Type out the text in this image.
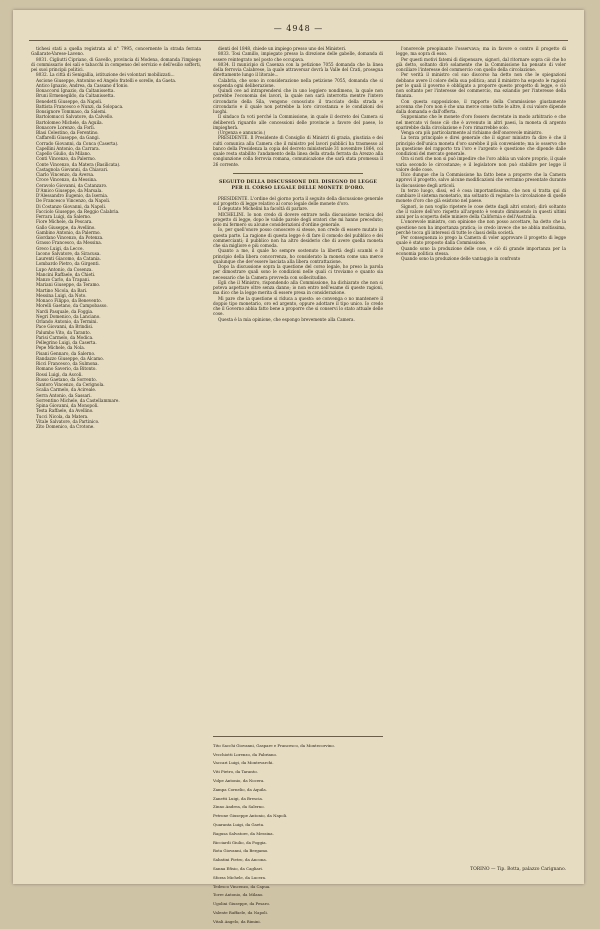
— 4948 —

tichesi stati a quella registrata al n° 7995, concernente la strada ferrata Gallarate-Varese-Laveno.

8031. Cigliutti Cipriano, di Gavello, provincia di Modena, domanda l'impiego di commissario dei sali e tabacchi in compenso del servizio e dell'esilio sofferti, pei suoi principii politici.

8032. La città di Senigallia, istituzione dei volontari mobilizzati...

Ascione Giuseppe, Antonino ed Angelo fratelli e sorelle, da Gaeta.

Antico Ignazio, Andrea, da Cassano d'Ionio.

Bonaccorsi Ignazio, da Caltanissetta.

Bruni Ermenegildo, da Caltanissetta.

Benedetti Giuseppe, da Napoli.

Battista Francesco e Nunzi, da Solopaca.

Bonsignore Tommaso, da Salemi.

Bartolomucci Salvatore, da Calvello.

Bartolomeo Michele, da Aquila.

Bonacore Lorenzo, da Forlì.

Blasi Celestino, da Ferentino.

Caffarelli Giuseppe, da Gangi.

Corrado Giovanni, da Conca (Caserta).

Capellini Antonio, da Carrara.

Capello Giulio, da Milano.

Conti Vincenzo, da Palermo.

Conte Vincenzo, da Matera (Basilicata).

Castagnola Giovanni, da Chiavari.

Ciarlo Vincenzo, da Aversa.

Croce Vincenzo, da Messina.

Ceravolo Giovanni, da Catanzaro.

D'Amico Giuseppe, da Marsala.

D'Alessandro Eugenio, da Isernia.

De Francesco Vincenzo, da Napoli.

Di Costanzo Giovanni, da Napoli.

Facciolo Giuseppe, da Reggio Calabria.

Ferrara Luigi, da Salerno.

Fiore Michele, da Pescara.

Gallo Giuseppe, da Avellino.

Gambino Antonio, da Palermo.

Giordano Vincenzo, da Potenza.

Grasso Francesco, da Messina.

Greco Luigi, da Lecce.

Iacono Salvatore, da Siracusa.

Laurenti Giacomo, da Catania.

Lombardo Pietro, da Girgenti.

Lupo Antonio, da Cosenza.

Mancini Raffaele, da Chieti.

Manzo Carlo, da Trapani.

Mariani Giuseppe, da Teramo.

Martino Nicola, da Bari.

Messina Luigi, da Noto.

Monaco Filippo, da Benevento.

Morelli Gaetano, da Campobasso.

Nardi Pasquale, da Foggia.

Negri Domenico, da Lanciano.

Orlando Antonio, da Termini.

Pace Giovanni, da Brindisi.

Palumbo Vito, da Taranto.

Parisi Carmelo, da Modica.

Pellegrino Luigi, da Caserta.

Pepe Michele, da Nola.

Pisani Gennaro, da Salerno.

Randazzo Giuseppe, da Alcamo.

Ricci Francesco, da Sulmona.

Romano Saverio, da Bitonto.

Rossi Luigi, da Ascoli.

Russo Gaetano, da Sorrento.

Santoro Vincenzo, da Cerignola.

Scalia Carmelo, da Acireale.

Serra Antonio, da Sassari.

Sorrentino Michele, da Castellammare.

Spina Giovanni, da Monopoli.

Testa Raffaele, da Avellino.

Tucci Nicola, da Matera.

Vitale Salvatore, da Partinico.

Zito Domenico, da Crotone.

dienti del 1848, chiede un impiego presso uno dei Ministeri.

8033. Tosi Camillo, impiegato presso la direzione delle gabelle, domanda di essere reintegrato nel posto che occupava.

8034. Il municipio di Casenza con la petizione 7055 domanda che la linea della ferrovia Calabrese, la quale attraversar dovrà la Valle del Crati, prosegua direttamente lungo il litorale...

Calabria, che sono in considerazione nella petizione 7055, domanda che si sospenda ogni deliberazione.

Quindi ove ad intraprendersi che in uno leggiero nondimeno, la quale non potrebbe l'economia dei lavori, la quale non sarà interrotta mentre l'intero circondario della Sila, vengono conosciuto il tracciato della strada e circondario e il quale non potrebbe la loro circostanza e le condizioni dei luoghi.

Il sindaco fa voti perché la Commissione, in quale il decreto dei Camera si delibererà riguardo alle concessioni delle provincie a favore del paese, lo impiegherà.

(Urgenza e annuncio.)

PRESIDENTE. Il Presidente di Consiglio di Ministri di grazia, giustizia e dei culti comunica alla Camera che il ministro pel lavori pubblici ha trasmesso al banco della Presidenza la copia del decreto ministeriale 31 novembre 1864, col quale resta stabilito l'andamento della linea della strada ferrata da Arezzo alla congiunzione colla ferrovia romana, comunicazione che sarà stata promessa il 26 corrente.

SEGUITO DELLA DISCUSSIONE DEL DISEGNO DI LEGGE PER IL CORSO LEGALE DELLE MONETE D'ORO.

PRESIDENTE. L'ordine del giorno porta il seguito della discussione generale sul progetto di legge relativo al corso legale delle monete d'oro.

Il deputato Michelini ha facoltà di parlare.

MICHELINI. Io non credo di dovere entrare nella discussione tecnica del progetto di legge, dopo le valide parole degli oratori che mi hanno preceduto; solo mi fermerò su alcune considerazioni d'ordine generale.

Io, per quell'onore posso conoscere si stesse, non credo di essere mutato in questa parte. La ragione di questa legge è di fare il comodo del pubblico e dei commercianti; il pubblico non ha altro desiderio che di avere quella moneta che sia migliore e più comoda.

Quanto a me, il quale ho sempre sostenuto la libertà degli scambi e il principio della libera concorrenza, ho considerato la moneta come una merce qualunque che dev'essere lasciata alla libera contrattazione.

Dopo la discussione sopra la questione del corso legale, ho preso la parola per dimostrare quali sono le condizioni nelle quali ci troviamo e quanto sia necessario che la Camera provveda con sollecitudine.

Egli che il Ministro, rispondendo alla Commissione, ha dichiarato che non si poteva aspettare oltre senza danno; io non entro nell'esame di queste ragioni, ma dico che la legge merita di essere presa in considerazione.

Mi pare che la questione si riduca a questo: se convenga o no mantenere il doppio tipo monetario, oro ed argento, oppure adottare il tipo unico. Io credo che il Governo abbia fatto bene a proporre che si conservi lo stato attuale delle cose.

Questa è la mia opinione, che espongo brevemente alla Camera.

Tito Sacchi Giovanni, Gaspare e Francesco, da Montecorvino.

Vecchiotti Lorenzo, da Fabriano.

Vaccari Luigi, da Montevarchi.

Viti Pietro, da Taranto.

Volpe Antonio, da Nocera.

Zampa Cornelio, da Aquila.

Zanetti Luigi, da Brescia.

Zinno Andrea, da Salerno.

Petrone Giuseppe Antonio, da Napoli.

Quaranta Luigi, da Gaeta.

Ragusa Salvatore, da Messina.

Ricciardi Giulio, da Foggia.

Rota Giovanni, da Bergamo.

Sabatini Pietro, da Ancona.

Sanna Efisio, da Cagliari.

Sforza Michele, da Lucera.

Tedesco Vincenzo, da Capua.

Torre Antonio, da Milano.

Ugolini Giuseppe, da Pesaro.

Valente Raffaele, da Napoli.

Vitali Angelo, da Rimini.

l'onorevole preopinante l'osservava; ma in favore o contro il progetto di legge, ma sopra di esso.

Per questi motivi fatemi di dispensare, signori, dal ritornare sopra ciò che ho già detto, soltanto dirò solamente che la Commissione ha pensato di voler conciliare l'interesse del commercio con quello della circolazione.

Per verità il ministro col suo discorso ha detto non che le spiegazioni debbano avere il colore della sua politica; anzi il ministro ha esposto le ragioni per le quali il governo è obbligato a proporre questo progetto di legge, e ciò non soltanto per l'interesse del commercio, ma eziandio per l'interesse della finanza.

Con questa supposizione, il rapporto della Commissione giustamente accenna che l'oro non è che una merce come tutte le altre, il cui valore dipende dalla domanda e dall'offerta.

Supponiamo che le monete d'oro fossero decretate in modo arbitrario e che nel mercato vi fosse ciò che è avvenuto in altri paesi, la moneta di argento sparirebbe dalla circolazione e l'oro rimarrebbe solo.

Venga ora più particolarmente al richiamo dell'onorevole ministro.

La terza principale e direi generale che il signor ministro fa dire è che il principio dell'unica moneta d'oro sarebbe il più conveniente; ma io osservo che la questione del rapporto tra l'oro e l'argento è questione che dipende dalle condizioni del mercato generale.

Ora si noti che non si può impedire che l'oro abbia un valore proprio, il quale varia secondo le circostanze; e il legislatore non può stabilire per legge il valore delle cose.

Dico dunque che la Commissione ha fatto bene a proporre che la Camera approvi il progetto, salvo alcune modificazioni che verranno presentate durante la discussione degli articoli.

In terzo luogo, dissi, ed è cosa importantissima, che non si tratta qui di cambiare il sistema monetario, ma soltanto di regolare la circolazione di quelle monete d'oro che già esistono nel paese.

Signori, io non voglio ripetere le cose dette dagli altri oratori; dirò soltanto che il valore dell'oro rispetto all'argento è venuto diminuendo in questi ultimi anni per la scoperta delle miniere della California e dell'Australia.

L'onorevole ministro, con opinione che non posso accettare, ha detto che la questione non ha importanza pratica; io credo invece che ne abbia moltissima, perché tocca gli interessi di tutte le classi della società.

Per conseguenza io prego la Camera di voler approvare il progetto di legge quale è stato proposto dalla Commissione.

Quando sono la produzione delle cose, e ciò di grande importanza per la economia politica stessa.

Quando sono la produzione delle vantaggio in confronto

TORINO — Tip. Botta, palazzo Carignano.
